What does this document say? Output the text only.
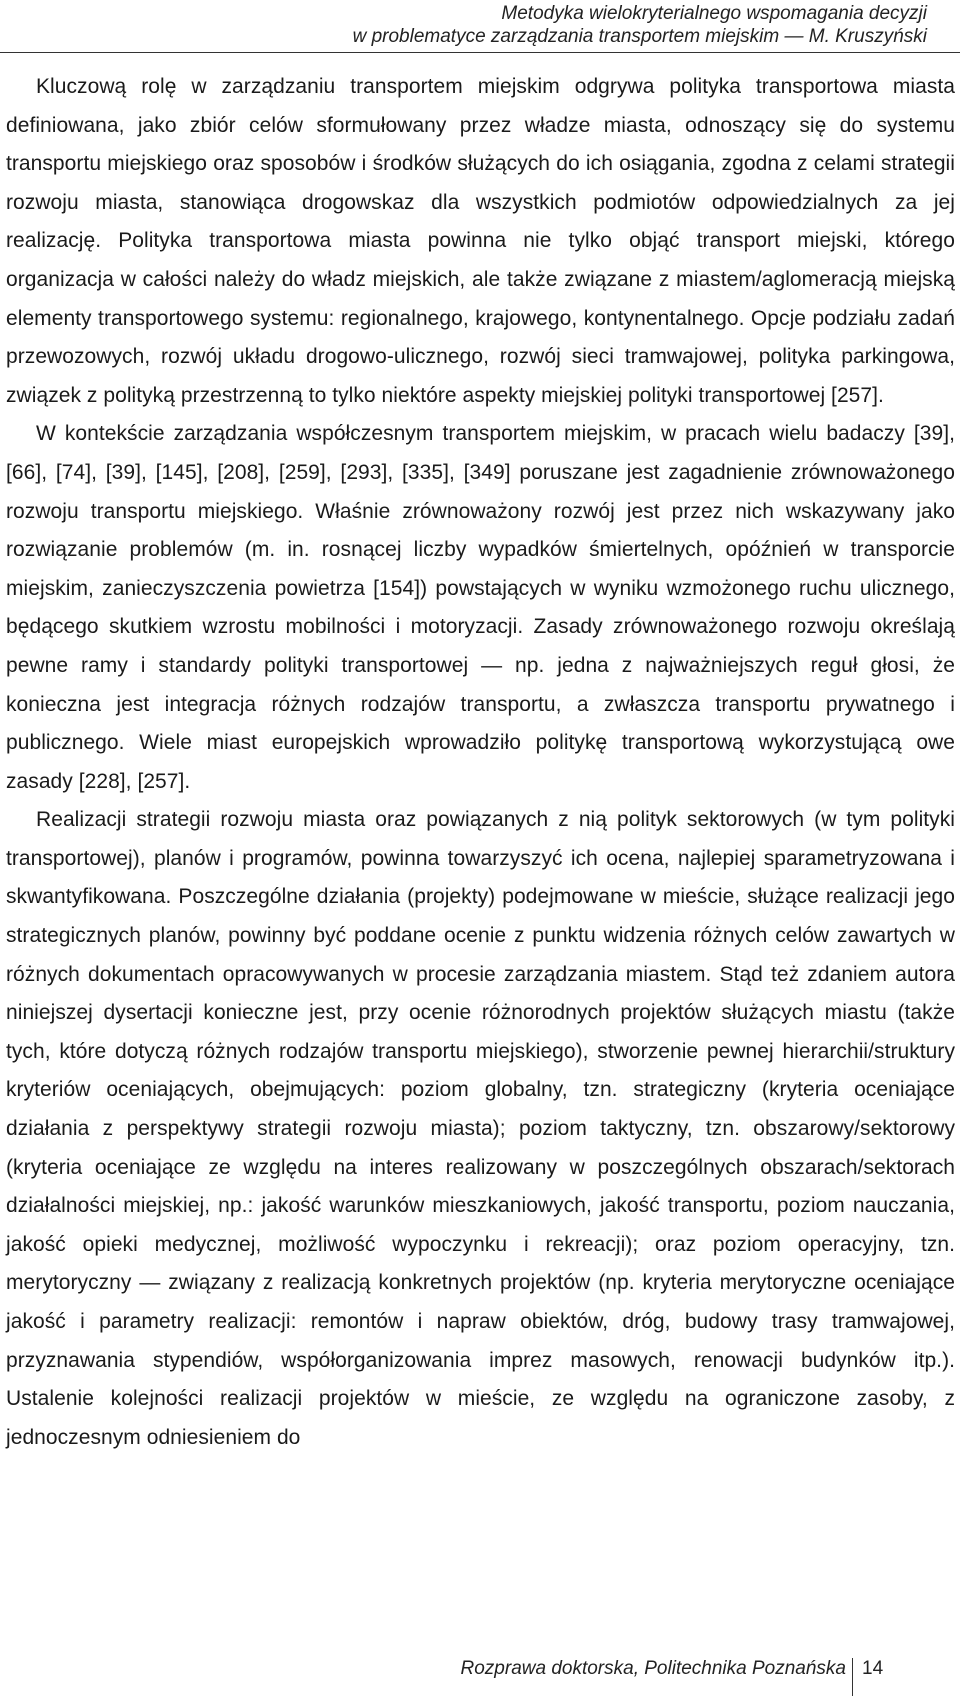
Metodyka wielokryterialnego wspomagania decyzji
w problematyce zarządzania transportem miejskim — M. Kruszyński

Kluczową rolę w zarządzaniu transportem miejskim odgrywa polityka transportowa miasta definiowana, jako zbiór celów sformułowany przez władze miasta, odnoszący się do systemu transportu miejskiego oraz sposobów i środków służących do ich osiągania, zgodna z celami strategii rozwoju miasta, stanowiąca drogowskaz dla wszystkich podmiotów odpowiedzialnych za jej realizację. Polityka transportowa miasta powinna nie tylko objąć transport miejski, którego organizacja w całości należy do władz miejskich, ale także związane z miastem/aglomeracją miejską elementy transportowego systemu: regionalnego, krajowego, kontynentalnego. Opcje podziału zadań przewozowych, rozwój układu drogowo-ulicznego, rozwój sieci tramwajowej, polityka parkingowa, związek z polityką przestrzenną to tylko niektóre aspekty miejskiej polityki transportowej [257].

W kontekście zarządzania współczesnym transportem miejskim, w pracach wielu badaczy [39], [66], [74], [39], [145], [208], [259], [293], [335], [349] poruszane jest zagadnienie zrównoważonego rozwoju transportu miejskiego. Właśnie zrównoważony rozwój jest przez nich wskazywany jako rozwiązanie problemów (m. in. rosnącej liczby wypadków śmiertelnych, opóźnień w transporcie miejskim, zanieczyszczenia powietrza [154]) powstających w wyniku wzmożonego ruchu ulicznego, będącego skutkiem wzrostu mobilności i motoryzacji. Zasady zrównoważonego rozwoju określają pewne ramy i standardy polityki transportowej — np. jedna z najważniejszych reguł głosi, że konieczna jest integracja różnych rodzajów transportu, a zwłaszcza transportu prywatnego i publicznego. Wiele miast europejskich wprowadziło politykę transportową wykorzystującą owe zasady [228], [257].

Realizacji strategii rozwoju miasta oraz powiązanych z nią polityk sektorowych (w tym polityki transportowej), planów i programów, powinna towarzyszyć ich ocena, najlepiej sparametryzowana i skwantyfikowana. Poszczególne działania (projekty) podejmowane w mieście, służące realizacji jego strategicznych planów, powinny być poddane ocenie z punktu widzenia różnych celów zawartych w różnych dokumentach opracowywanych w procesie zarządzania miastem. Stąd też zdaniem autora niniejszej dysertacji konieczne jest, przy ocenie różnorodnych projektów służących miastu (także tych, które dotyczą różnych rodzajów transportu miejskiego), stworzenie pewnej hierarchii/struktury kryteriów oceniających, obejmujących: poziom globalny, tzn. strategiczny (kryteria oceniające działania z perspektywy strategii rozwoju miasta); poziom taktyczny, tzn. obszarowy/sektorowy (kryteria oceniające ze względu na interes realizowany w poszczególnych obszarach/sektorach działalności miejskiej, np.: jakość warunków mieszkaniowych, jakość transportu, poziom nauczania, jakość opieki medycznej, możliwość wypoczynku i rekreacji); oraz poziom operacyjny, tzn. merytoryczny — związany z realizacją konkretnych projektów (np. kryteria merytoryczne oceniające jakość i parametry realizacji: remontów i napraw obiektów, dróg, budowy trasy tramwajowej, przyznawania stypendiów, współorganizowania imprez masowych, renowacji budynków itp.). Ustalenie kolejności realizacji projektów w mieście, ze względu na ograniczone zasoby, z jednoczesnym odniesieniem do

Rozprawa doktorska, Politechnika Poznańska 14
